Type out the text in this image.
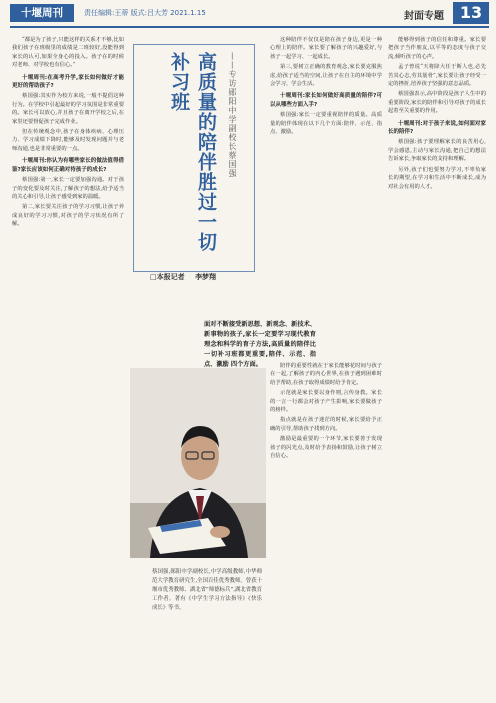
十堰周刊	责任编辑:王蒂 版式:吕大芳 2021.1.15	封面专题 13

“都是为了孩子,只能这样的关系才不够,比如我们孩子在班级里的成绩是二班较好,没能得到家长的认可,如果全身心的投入。孩子在的时候对老师、对学校也有信心。”

十堰周刊:在高考升学,家长如何做好才能更好的帮助孩子?

蔡国强:其实作为校方来说,一般不提倡这种行为。在学校中引起最好的学习氛围是非常重要的。家长可以放心,并且孩子在离开学校之后,在家里还要督促孩子完成作业。

但在传统观念中,孩子在身体疾病、心理压力、学习成绩下降时,能够及时发现问题并与老师沟通,也是非常重要的一点。

十堰周刊:你认为有哪些家长的做法值得借鉴?家长应该如何正确对待孩子的成长?

蔡国强:第一,家长一定要加强沟通。对于孩子的变化要及时关注,了解孩子的想法,给予适当的关心和引导,让孩子感受到家的温暖。

第二,家长要关注孩子的学习习惯,让孩子养成良好的学习习惯,对孩子的学习状况有所了解。	高质量的陪伴胜过一切补习班	——专访郧阳中学副校长蔡国强
□本报记者 李梦翔

这种陪伴不仅仅是陪在孩子身边,更是一种心理上的陪伴。家长要了解孩子的兴趣爱好,与孩子一起学习、一起成长。

第三,要树立正确的教育观念,家长要克服焦虑,给孩子适当的空间,让孩子在自主的环境中学会学习、学会生活。

十堰周刊:家长如何做好高质量的陪伴?可以从哪些方面入手?

蔡国强:家长一定要重视陪伴的质量。高质量的陪伴体现在以下几个方面:陪伴、示范、指点、激励。

面对不断接受新思想、新观念、新技术、新事物的孩子,家长一定要学习现代教育理念和科学的育子方法,高质量的陪伴比一切补习班都更重要,陪伴、示范、指点、激励 四个方面。
蔡国强,郧阳中学副校长,中学高级教师,中华师范大学教育研究生,全国百佳优秀教师。曾获十堰市优秀教师、湖北省“师德标兵”,湖北省教育工作者。著有《中学生学习方法指导》《快乐成长》等书。

陪伴的重要性就在于家长能够花时间与孩子在一起,了解孩子的内心世界,在孩子遇到困难时给予帮助,在孩子取得成绩时给予肯定。

示范就是家长要以身作则,言传身教。家长的一言一行都会对孩子产生影响,家长要做孩子的榜样。

指点就是在孩子迷茫的时候,家长要给予正确的引导,帮助孩子找到方向。

激励是最重要的一个环节,家长要善于发现孩子的闪光点,及时给予表扬和鼓励,让孩子树立自信心。

能够得到孩子的信任和尊重。家长要把孩子当作朋友,以平等的态度与孩子交流,倾听孩子的心声。

孟子曾说“天将降大任于斯人也,必先苦其心志,劳其筋骨”,家长要让孩子经受一定的挫折,培养孩子坚强的意志品质。

蔡国强表示,高中阶段是孩子人生中的重要阶段,家长的陪伴和引导对孩子的成长起着至关重要的作用。

十堰周刊:对于孩子来说,如何面对家长的陪伴?

蔡国强:孩子要理解家长的良苦用心,学会感恩,主动与家长沟通,把自己的想法告诉家长,争取家长的支持和理解。

另外,孩子们也要努力学习,不辜负家长的期望,在学习和生活中不断成长,成为对社会有用的人才。
